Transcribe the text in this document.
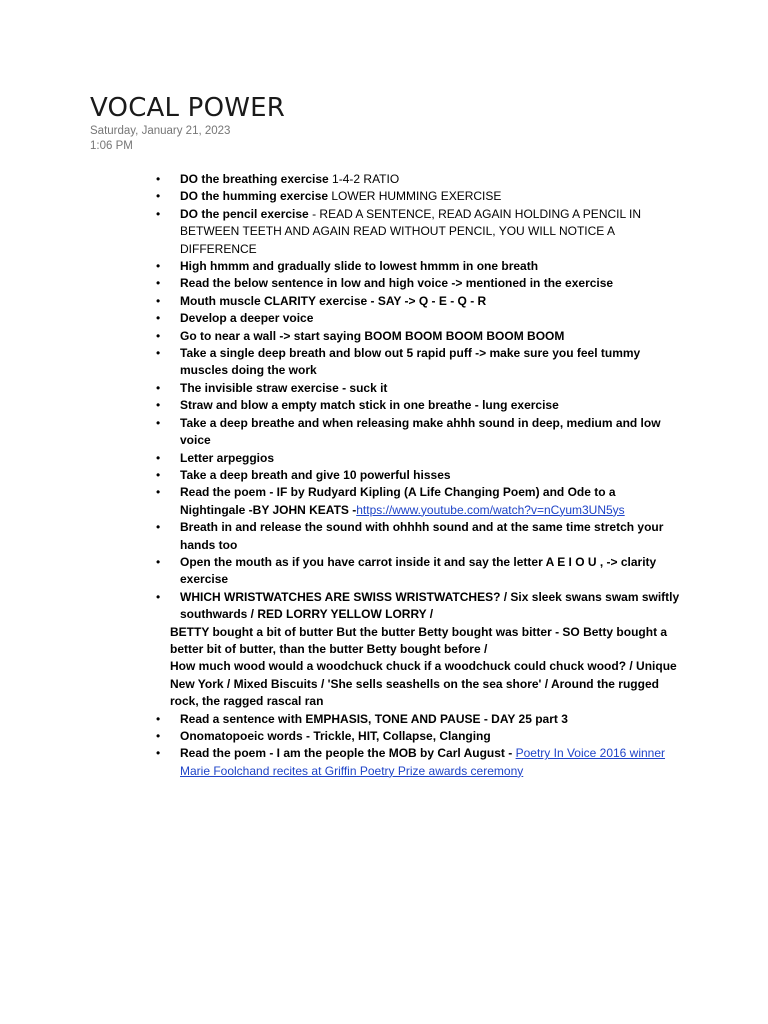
VOCAL POWER
Saturday, January 21, 2023
1:06 PM
• DO the breathing exercise 1-4-2 RATIO
• DO the humming exercise LOWER HUMMING EXERCISE
• DO the pencil exercise - READ A SENTENCE, READ AGAIN HOLDING A PENCIL IN BETWEEN TEETH AND AGAIN READ WITHOUT PENCIL, YOU WILL NOTICE A DIFFERENCE
• High hmmm and gradually slide to lowest hmmm in one breath
• Read the below sentence in low and high voice -> mentioned in the exercise
• Mouth muscle CLARITY exercise - SAY -> Q - E - Q - R
• Develop a deeper voice
• Go to near a wall -> start saying BOOM BOOM BOOM BOOM BOOM
• Take a single deep breath and blow out 5 rapid puff -> make sure you feel tummy muscles doing the work
• The invisible straw exercise - suck it
• Straw and blow a empty match stick in one breathe - lung exercise
• Take a deep breathe and when releasing make ahhh sound in deep, medium and low voice
• Letter arpeggios
• Take a deep breath and give 10 powerful hisses
• Read the poem - IF by Rudyard Kipling (A Life Changing Poem) and Ode to a Nightingale -BY JOHN KEATS -https://www.youtube.com/watch?v=nCyum3UN5ys
• Breath in and release the sound with ohhhh sound and at the same time stretch your hands too
• Open the mouth as if you have carrot inside it and say the letter A E I O U , -> clarity exercise
• WHICH WRISTWATCHES ARE SWISS WRISTWATCHES? / Six sleek swans swam swiftly southwards / RED LORRY YELLOW LORRY /
BETTY bought a bit of butter But the butter Betty bought was bitter - SO Betty bought a better bit of butter, than the butter Betty bought before /
How much wood would a woodchuck chuck if a woodchuck could chuck wood? / Unique New York / Mixed Biscuits / 'She sells seashells on the sea shore' / Around the rugged rock, the ragged rascal ran
• Read a sentence with EMPHASIS, TONE AND PAUSE - DAY 25 part 3
• Onomatopoeic words - Trickle, HIT, Collapse, Clanging
• Read the poem - I am the people the MOB by Carl August - Poetry In Voice 2016 winner Marie Foolchand recites at Griffin Poetry Prize awards ceremony
